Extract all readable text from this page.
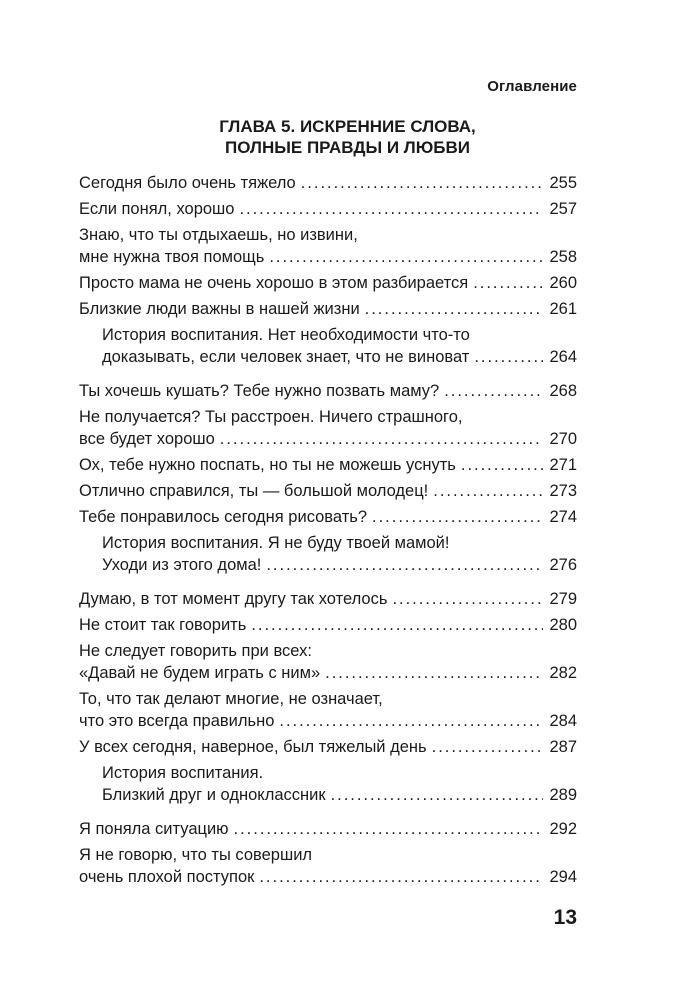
Оглавление
ГЛАВА 5. ИСКРЕННИЕ СЛОВА,
ПОЛНЫЕ ПРАВДЫ И ЛЮБВИ
Сегодня было очень тяжело . . .	255
Если понял, хорошо . . .	257
Знаю, что ты отдыхаешь, но извини,
мне нужна твоя помощь . . .	258
Просто мама не очень хорошо в этом разбирается . . .	260
Близкие люди важны в нашей жизни . . .	261
История воспитания. Нет необходимости что-то
доказывать, если человек знает, что не виноват . . .	264
Ты хочешь кушать? Тебе нужно позвать маму? . . .	268
Не получается? Ты расстроен. Ничего страшного,
все будет хорошо . . .	270
Ох, тебе нужно поспать, но ты не можешь уснуть . . .	271
Отлично справился, ты — большой молодец! . . .	273
Тебе понравилось сегодня рисовать? . . .	274
История воспитания. Я не буду твоей мамой!
Уходи из этого дома! . . .	276
Думаю, в тот момент другу так хотелось . . .	279
Не стоит так говорить . . .	280
Не следует говорить при всех:
«Давай не будем играть с ним» . . .	282
То, что так делают многие, не означает,
что это всегда правильно . . .	284
У всех сегодня, наверное, был тяжелый день . . .	287
История воспитания.
Близкий друг и одноклассник . . .	289
Я поняла ситуацию . . .	292
Я не говорю, что ты совершил
очень плохой поступок . . .	294
13
